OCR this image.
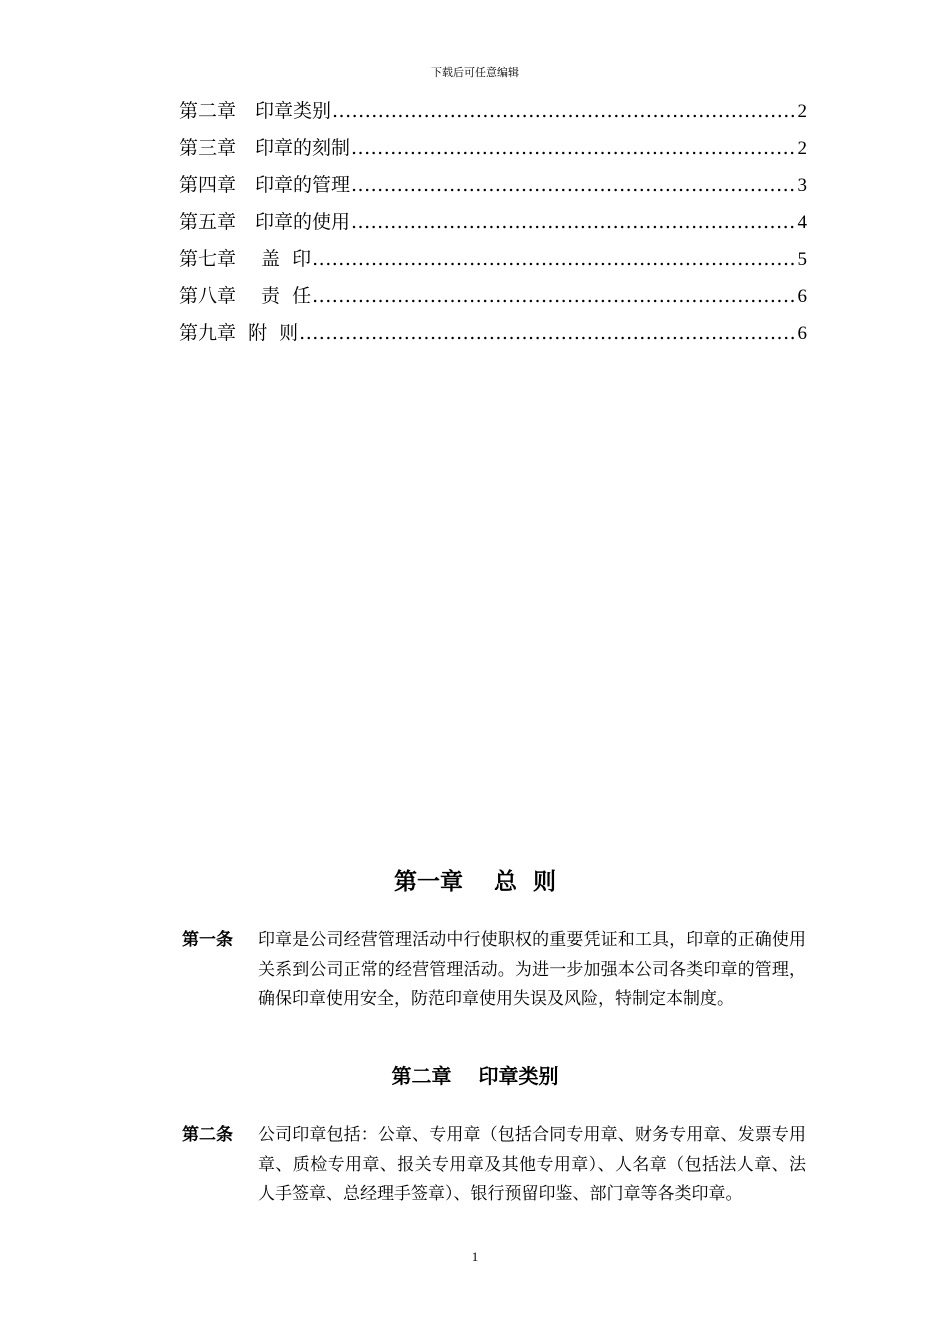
下载后可任意编辑
第二章　印章类别 .....	2
第三章　印章的刻制 .....	2
第四章　印章的管理 .....	3
第五章　印章的使用 .....	4
第七章　 盖  印 .....	5
第八章　 责  任 .....	6
第九章  附  则 .....	6
第一章　 总  则
第一条 印章是公司经营管理活动中行使职权的重要凭证和工具，印章的正确使用关系到公司正常的经营管理活动。为进一步加强本公司各类印章的管理，确保印章使用安全，防范印章使用失误及风险，特制定本制度。
第二章　 印章类别
第二条 公司印章包括：公章、专用章（包括合同专用章、财务专用章、发票专用章、质检专用章、报关专用章及其他专用章）、人名章（包括法人章、法人手签章、总经理手签章）、银行预留印鉴、部门章等各类印章。
1
